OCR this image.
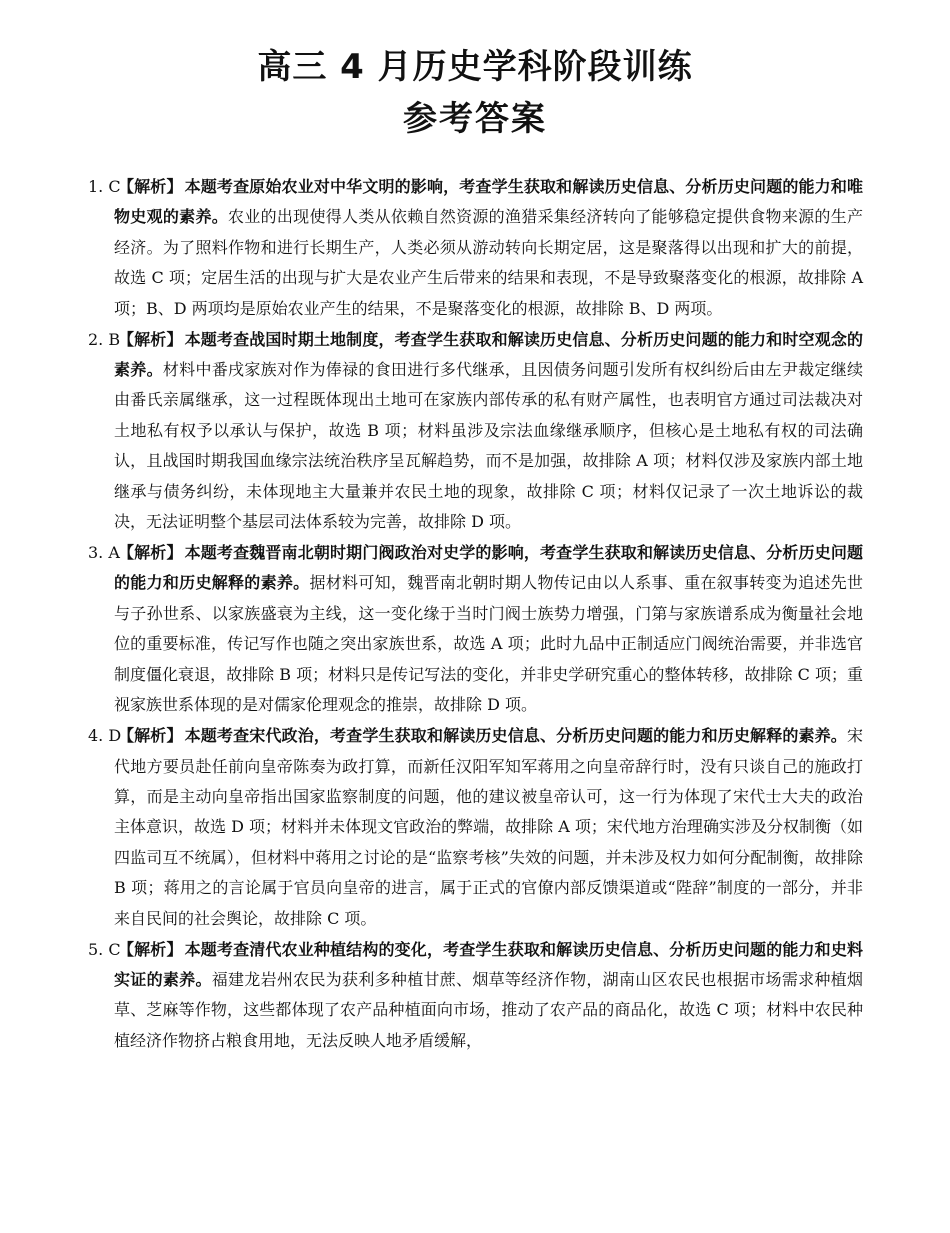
高三 4 月历史学科阶段训练
参考答案
1. C
【解析】 本题考查原始农业对中华文明的影响，考查学生获取和解读历史信息、分析历史问题的能力和唯物史观的素养。农业的出现使得人类从依赖自然资源的渔猎采集经济转向了能够稳定提供食物来源的生产经济。为了照料作物和进行长期生产，人类必须从游动转向长期定居，这是聚落得以出现和扩大的前提，故选 C 项；定居生活的出现与扩大是农业产生后带来的结果和表现，不是导致聚落变化的根源，故排除 A 项；B、D 两项均是原始农业产生的结果，不是聚落变化的根源，故排除 B、D 两项。
2. B
【解析】 本题考查战国时期土地制度，考查学生获取和解读历史信息、分析历史问题的能力和时空观念的素养。材料中番戌家族对作为俸禄的食田进行多代继承，且因债务问题引发所有权纠纷后由左尹裁定继续由番氏亲属继承，这一过程既体现出土地可在家族内部传承的私有财产属性，也表明官方通过司法裁决对土地私有权予以承认与保护，故选 B 项；材料虽涉及宗法血缘继承顺序，但核心是土地私有权的司法确认，且战国时期我国血缘宗法统治秩序呈瓦解趋势，而不是加强，故排除 A 项；材料仅涉及家族内部土地继承与债务纠纷，未体现地主大量兼并农民土地的现象，故排除 C 项；材料仅记录了一次土地诉讼的裁决，无法证明整个基层司法体系较为完善，故排除 D 项。
3. A
【解析】 本题考查魏晋南北朝时期门阀政治对史学的影响，考查学生获取和解读历史信息、分析历史问题的能力和历史解释的素养。据材料可知，魏晋南北朝时期人物传记由以人系事、重在叙事转变为追述先世与子孙世系、以家族盛衰为主线，这一变化缘于当时门阀士族势力增强，门第与家族谱系成为衡量社会地位的重要标准，传记写作也随之突出家族世系，故选 A 项；此时九品中正制适应门阀统治需要，并非选官制度僵化衰退，故排除 B 项；材料只是传记写法的变化，并非史学研究重心的整体转移，故排除 C 项；重视家族世系体现的是对儒家伦理观念的推崇，故排除 D 项。
4. D
【解析】 本题考查宋代政治，考查学生获取和解读历史信息、分析历史问题的能力和历史解释的素养。宋代地方要员赴任前向皇帝陈奏为政打算，而新任汉阳军知军蒋用之向皇帝辞行时，没有只谈自己的施政打算，而是主动向皇帝指出国家监察制度的问题，他的建议被皇帝认可，这一行为体现了宋代士大夫的政治主体意识，故选 D 项；材料并未体现文官政治的弊端，故排除 A 项；宋代地方治理确实涉及分权制衡（如四监司互不统属），但材料中蒋用之讨论的是“监察考核”失效的问题，并未涉及权力如何分配制衡，故排除 B 项；蒋用之的言论属于官员向皇帝的进言，属于正式的官僚内部反馈渠道或“陛辞”制度的一部分，并非来自民间的社会舆论，故排除 C 项。
5. C
【解析】 本题考查清代农业种植结构的变化，考查学生获取和解读历史信息、分析历史问题的能力和史料实证的素养。福建龙岩州农民为获利多种植甘蔗、烟草等经济作物，湖南山区农民也根据市场需求种植烟草、芝麻等作物，这些都体现了农产品种植面向市场，推动了农产品的商品化，故选 C 项；材料中农民种植经济作物挤占粮食用地，无法反映人地矛盾缓解，
